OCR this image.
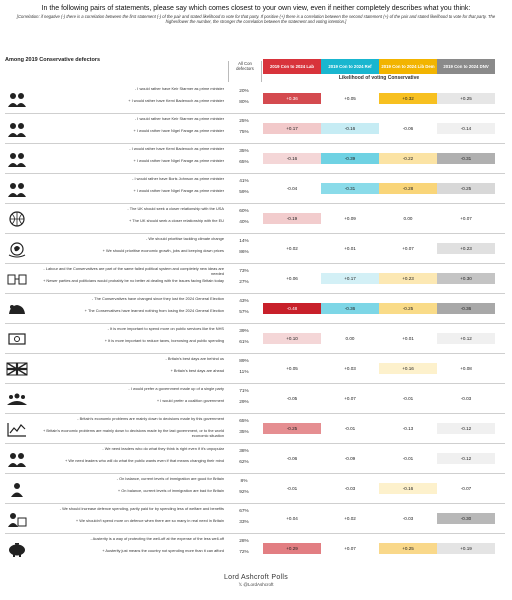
In the following pairs of statements, please say which comes closest to your own view, even if neither completely describes what you think:
[Correlation: if negative (-) there is a correlation between the first statement (-) of the pair and stated likelihood to vote for that party. If positive (+) there is a correlation between the second statement (+) of the pair and stated likelihood to vote for that party. The higher/lower the number, the stronger the correlation between the statement and voting intention.]
Among 2019 Conservative defectors
All Con defectors	2019 Con to 2024 Lab	2019 Con to 2024 Ref	2019 Con to 2024 Lib Dem	2019 Con to 2024 DNV
Likelihood of voting Conservative
- I would rather have Keir Starmer as prime minister
+ I would rather have Kemi Badenoch as prime minister
20%
80%
+0.36	+0.05	+0.32	+0.25
- I would rather have Keir Starmer as prime minister
+ I would rather have Nigel Farage as prime minister
25%
75%
+0.17	-0.16	-0.06	-0.14
- I would rather have Kemi Badenoch as prime minister
+ I would rather have Nigel Farage as prime minister
35%
65%
-0.16	-0.39	-0.22	-0.31
- I would rather have Boris Johnson as prime minister
+ I would rather have Nigel Farage as prime minister
41%
59%
-0.04	-0.31	-0.28	-0.25
- The UK should seek a closer relationship with the USA
+ The UK should seek a closer relationship with the EU
60%
40%
-0.19	+0.09	0.00	+0.07
- We should prioritise tackling climate change
+ We should prioritise economic growth, jobs and keeping down prices
14%
86%
+0.02	+0.01	+0.07	+0.23
- Labour and the Conservatives are part of the same failed political system and completely new ideas are needed
+ Newer parties and politicians would probably be no better at dealing with the issues facing Britain today
73%
27%
+0.06	+0.17	+0.23	+0.30
- The Conservatives have changed since they lost the 2024 General Election
+ The Conservatives have learned nothing from losing the 2024 General Election
43%
57%
-0.48	-0.36	-0.25	-0.36
- It is more important to spend more on public services like the NHS
+ It is more important to reduce taxes, borrowing and public spending
39%
61%
+0.10	0.00	+0.01	+0.12
- Britain's best days are behind us
+ Britain's best days are ahead
89%
11%
+0.05	+0.03	+0.16	+0.08
- I would prefer a government made up of a single party
+ I would prefer a coalition government
71%
29%
-0.05	+0.07	-0.01	-0.03
- Britain's economic problems are mainly down to decisions made by this government
+ Britain's economic problems are mainly down to decisions made by the last government, or to the world economic situation
65%
35%
-0.25	-0.01	-0.13	-0.12
- We need leaders who do what they think is right even if it's unpopular
+ We need leaders who will do what the public wants even if that means changing their mind
38%
62%
-0.06	-0.09	-0.01	-0.12
- On balance, current levels of immigration are good for Britain
+ On balance, current levels of immigration are bad for Britain
8%
92%
-0.01	-0.03	-0.16	-0.07
- We should increase defence spending, partly paid for by spending less of welfare and benefits
+ We shouldn't spend more on defence when there are so many in real need in Britain
67%
33%
+0.04	+0.02	-0.03	-0.30
- Austerity is a way of protecting the well-off at the expense of the less well-off
+ Austerity just means the country not spending more than it can afford
28%
72%
+0.29	+0.07	+0.25	+0.19
Lord Ashcroft Polls
𝕏 @LordAshcroft
